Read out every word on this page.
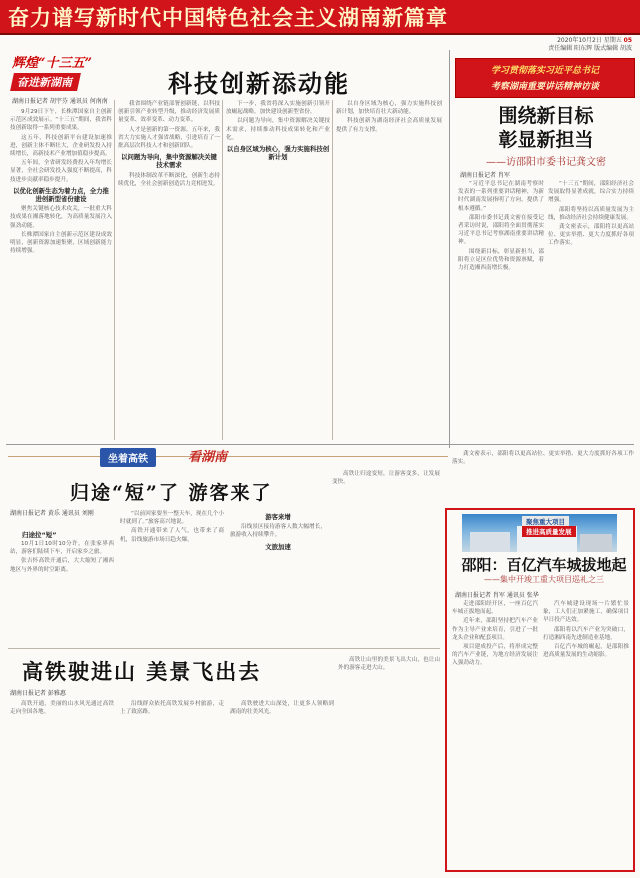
奋力谱写新时代中国特色社会主义湖南新篇章
2020年10月2日 星期五 05
责任编辑 阳东辉 版式编辑 胡波
辉煌“十三五”
奋进新湖南	科技创新添动能
湖南日报记者 胡宇芬 通讯员 何南南

9月29日下午，长株潭国家自主创新示范区成效展示。“十三五”期间，我省科技创新取得一系列重要成果。

这五年，科技创新平台建设加速推进，创新主体不断壮大，企业研发投入持续增长，高新技术产业增加值稳步提高。

五年间，全省研发经费投入年均增长显著，全社会研发投入强度不断提高，科技进步贡献率稳步提升。

以优化创新生态为着力点，全力推进创新型省份建设

聚焦关键核心技术攻关，一批重大科技成果在湘落地转化，为高质量发展注入强劲动能。

长株潭国家自主创新示范区建设成效明显，创新资源加速集聚，区域创新能力持续增强。

我省围绕产业链部署创新链，以科技创新引领产业转型升级，推动经济发展质量变革、效率变革、动力变革。

人才是创新的第一资源。五年来，我省大力实施人才强省战略，引进培育了一批高层次科技人才和创新团队。

以问题为导向，集中资源解决关键技术需求

科技体制改革不断深化，创新生态持续优化，全社会创新创造活力竞相迸发。

下一步，我省将深入实施创新引领开放崛起战略，加快建设创新型省份。

以问题为导向，集中资源解决关键技术需求，持续推动科技成果转化和产业化。

以自身区域为核心，强力实施科技创新计划

以自身区域为核心，强力实施科技创新计划，加快培育壮大新动能。

科技创新为湖南经济社会高质量发展提供了有力支撑。

学习贯彻落实习近平总书记
考察湖南重要讲话精神访谈
围绕新目标
彰显新担当
——访邵阳市委书记龚文密
湖南日报记者 肖军

“习近平总书记在湖南考察时发表的一系列重要讲话精神，为新时代湖南发展指明了方向，提供了根本遵循。”

邵阳市委书记龚文密在接受记者采访时说，邵阳将全面贯彻落实习近平总书记考察湖南重要讲话精神。

围绕新目标，彰显新担当，邵阳将立足区位优势和资源禀赋，着力打造湘西南增长极。

“十三五”期间，邵阳经济社会发展取得显著成就，综合实力持续增强。

邵阳将坚持以高质量发展为主线，推动经济社会持续健康发展。

龚文密表示，邵阳将以更高站位、更实举措、更大力度抓好各项工作落实。

坐着高铁	看湖南
归途“短”了 游客来了
湖南日报记者 黄乐 通讯员 刘刚
归途拉“短”

10月1日10时10分许，在张家界西站，游客们陆续下车，开启家乡之旅。

张吉怀高铁开通后，大大缩短了湘西地区与外界的时空距离。

“以前回家要坐一整天车，现在几个小时就到了。”旅客高兴地说。

高铁开通带来了人气，也带来了商机，沿线旅游市场日趋火爆。

游客来增

沿线景区接待游客人数大幅增长，旅游收入持续攀升。

文旅加速

高铁让归途变短，让游客变多，让发展变快。

高铁驶进山 美景飞出去
湖南日报记者 彭雅惠

高铁开通，美丽的山水风光通过高铁走向全国各地。

沿线群众依托高铁发展乡村旅游，走上了致富路。

高铁驶进大山深处，让更多人领略到湖南的壮美风光。

高铁让山里的美景飞出大山，也让山外的游客走进大山。

龚文密表示，邵阳将以更高站位、更实举措、更大力度抓好各项工作落实。

聚焦重大项目
推进高质量发展
邵阳：百亿汽车城拔地起
——集中开竣工重大项目巡礼之三
湖南日报记者 肖军 通讯员 张华

走进邵阳经开区，一座百亿汽车城正拔地而起。

近年来，邵阳坚持把汽车产业作为主导产业来培育，引进了一批龙头企业和配套项目。

项目建成投产后，将形成完整的汽车产业链，为地方经济发展注入强劲动力。

汽车城建设现场一片繁忙景象，工人们正加紧施工，确保项目早日投产达效。

邵阳将以汽车产业为突破口，打造湘西南先进制造业基地。

百亿汽车城的崛起，是邵阳推进高质量发展的生动缩影。
